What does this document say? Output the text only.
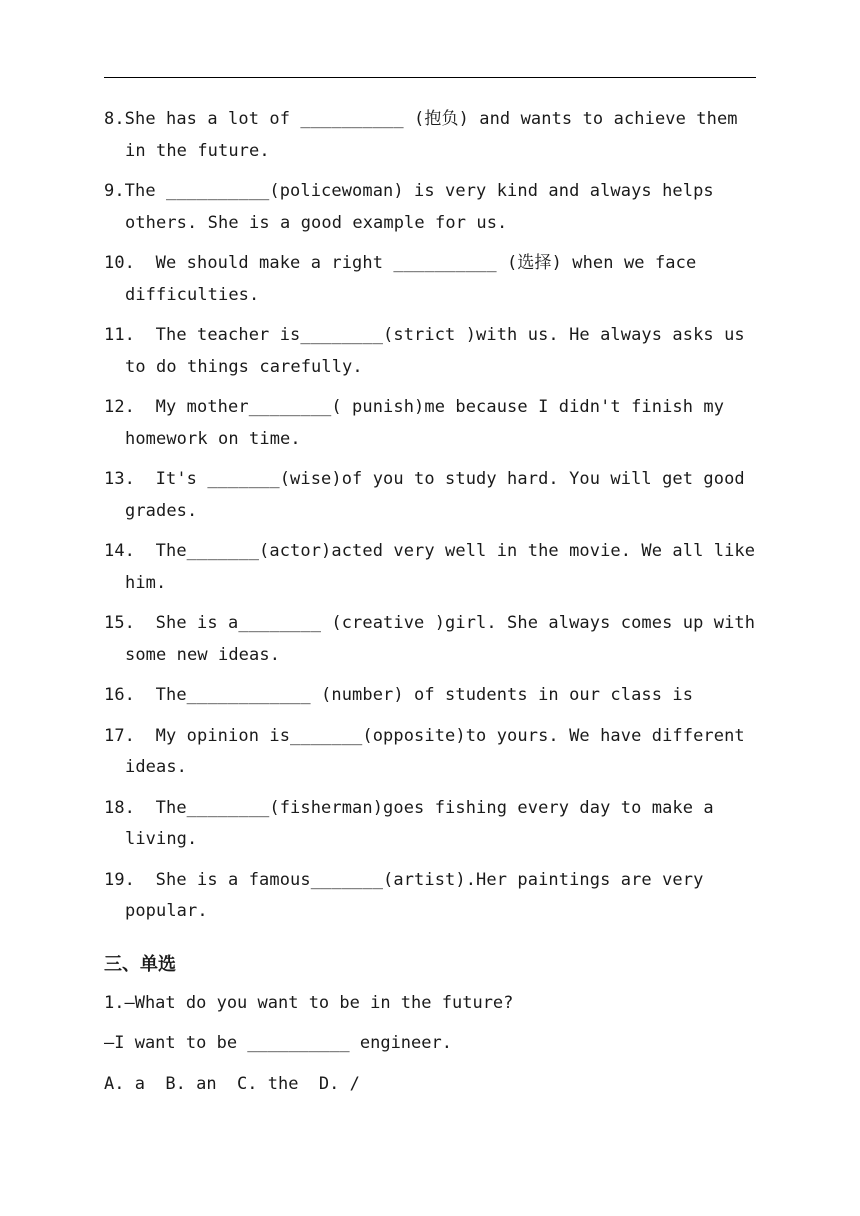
8.She has a lot of __________ (抱负) and wants to achieve them
in the future.
9.The __________(policewoman) is very kind and always helps
others. She is a good example for us.
10.  We should make a right __________ (选择) when we face
difficulties.
11.  The teacher is________(strict )with us. He always asks us
to do things carefully.
12.  My mother________( punish)me because I didn't finish my
homework on time.
13.  It's _______(wise)of you to study hard. You will get good
grades.
14.  The_______(actor)acted very well in the movie. We all like
him.
15.  She is a________ (creative )girl. She always comes up with
some new ideas.
16.  The____________ (number) of students in our class is
17.  My opinion is_______(opposite)to yours. We have different
ideas.
18.  The________(fisherman)goes fishing every day to make a
living.
19.  She is a famous_______(artist).Her paintings are very
popular.
三、单选
1.—What do you want to be in the future?
—I want to be __________ engineer.
A. a  B. an  C. the  D. /
